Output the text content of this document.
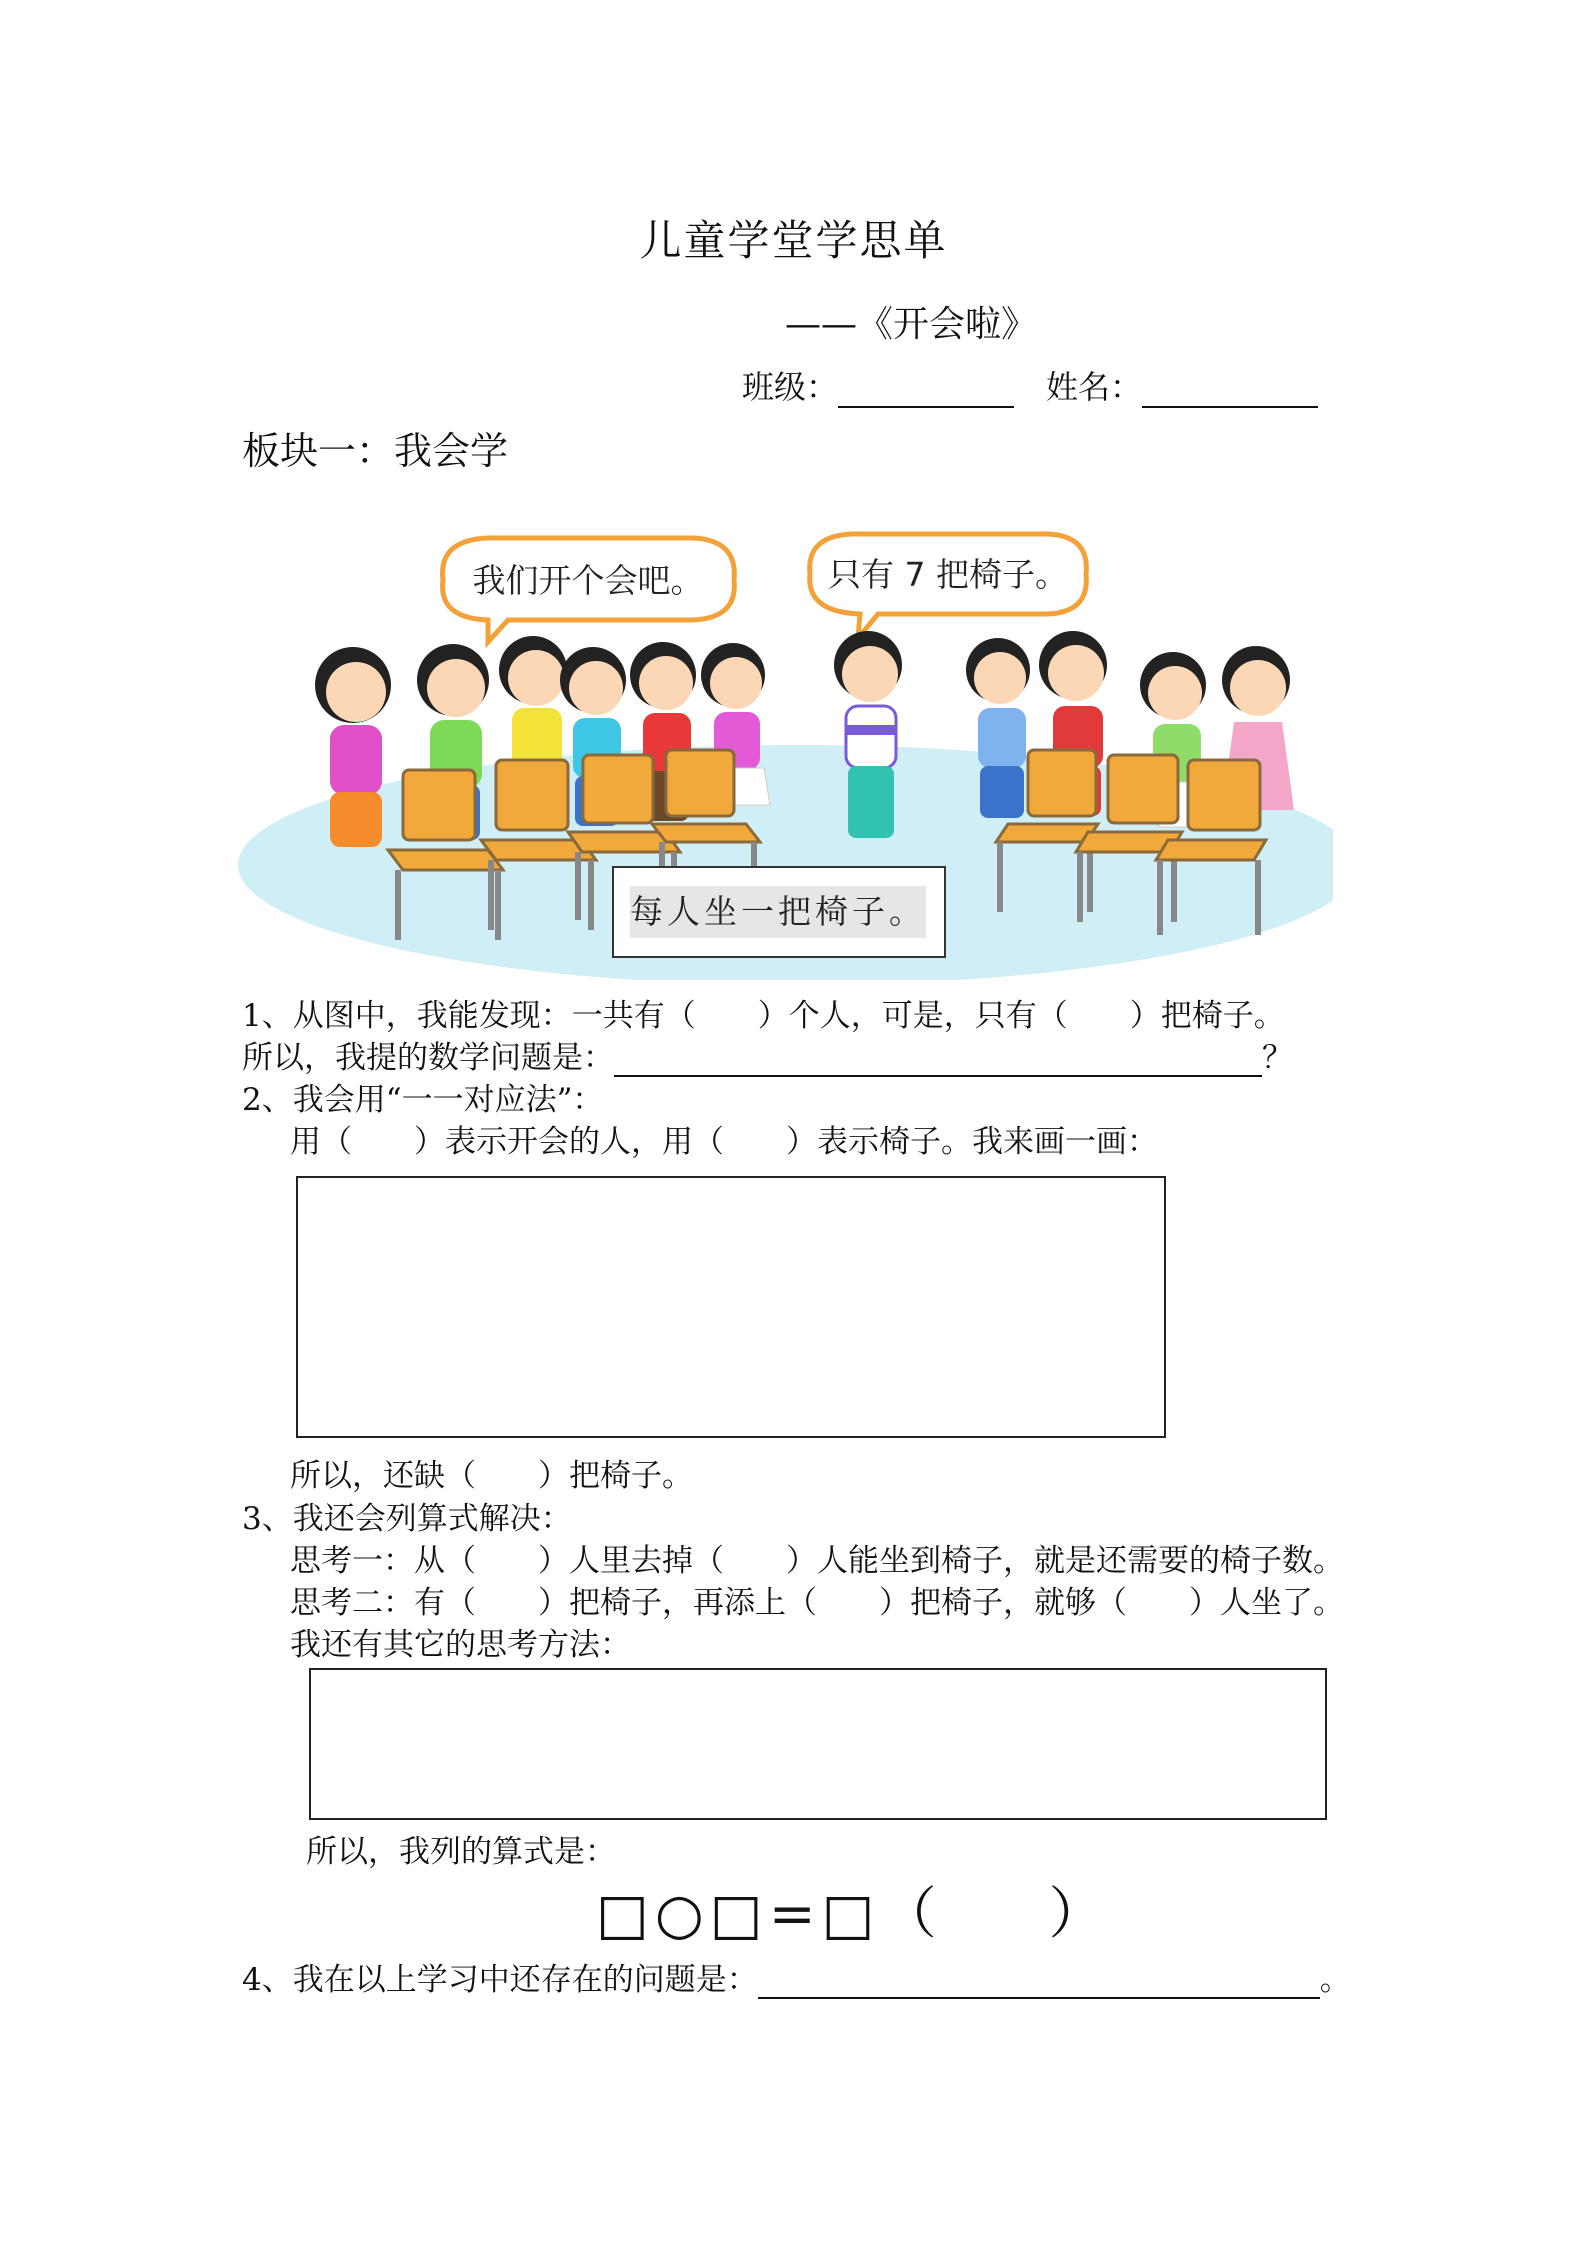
儿童学堂学思单
——《开会啦》
班级：	姓名：
板块一：我会学
我们开个会吧。	只有 7 把椅子。
每人坐一把椅子。
1、从图中，我能发现：一共有（　　）个人，可是，只有（　　）把椅子。
所以，我提的数学问题是：	？
2、我会用“一一对应法”：
用（　　）表示开会的人，用（　　）表示椅子。我来画一画：
所以，还缺（　　）把椅子。
3、我还会列算式解决：
思考一：从（　　）人里去掉（　　）人能坐到椅子，就是还需要的椅子数。
思考二：有（　　）把椅子，再添上（　　）把椅子，就够（　　）人坐了。
我还有其它的思考方法：
所以，我列的算式是：
□ ○ □ = □ （　　）
4、我在以上学习中还存在的问题是：	。
